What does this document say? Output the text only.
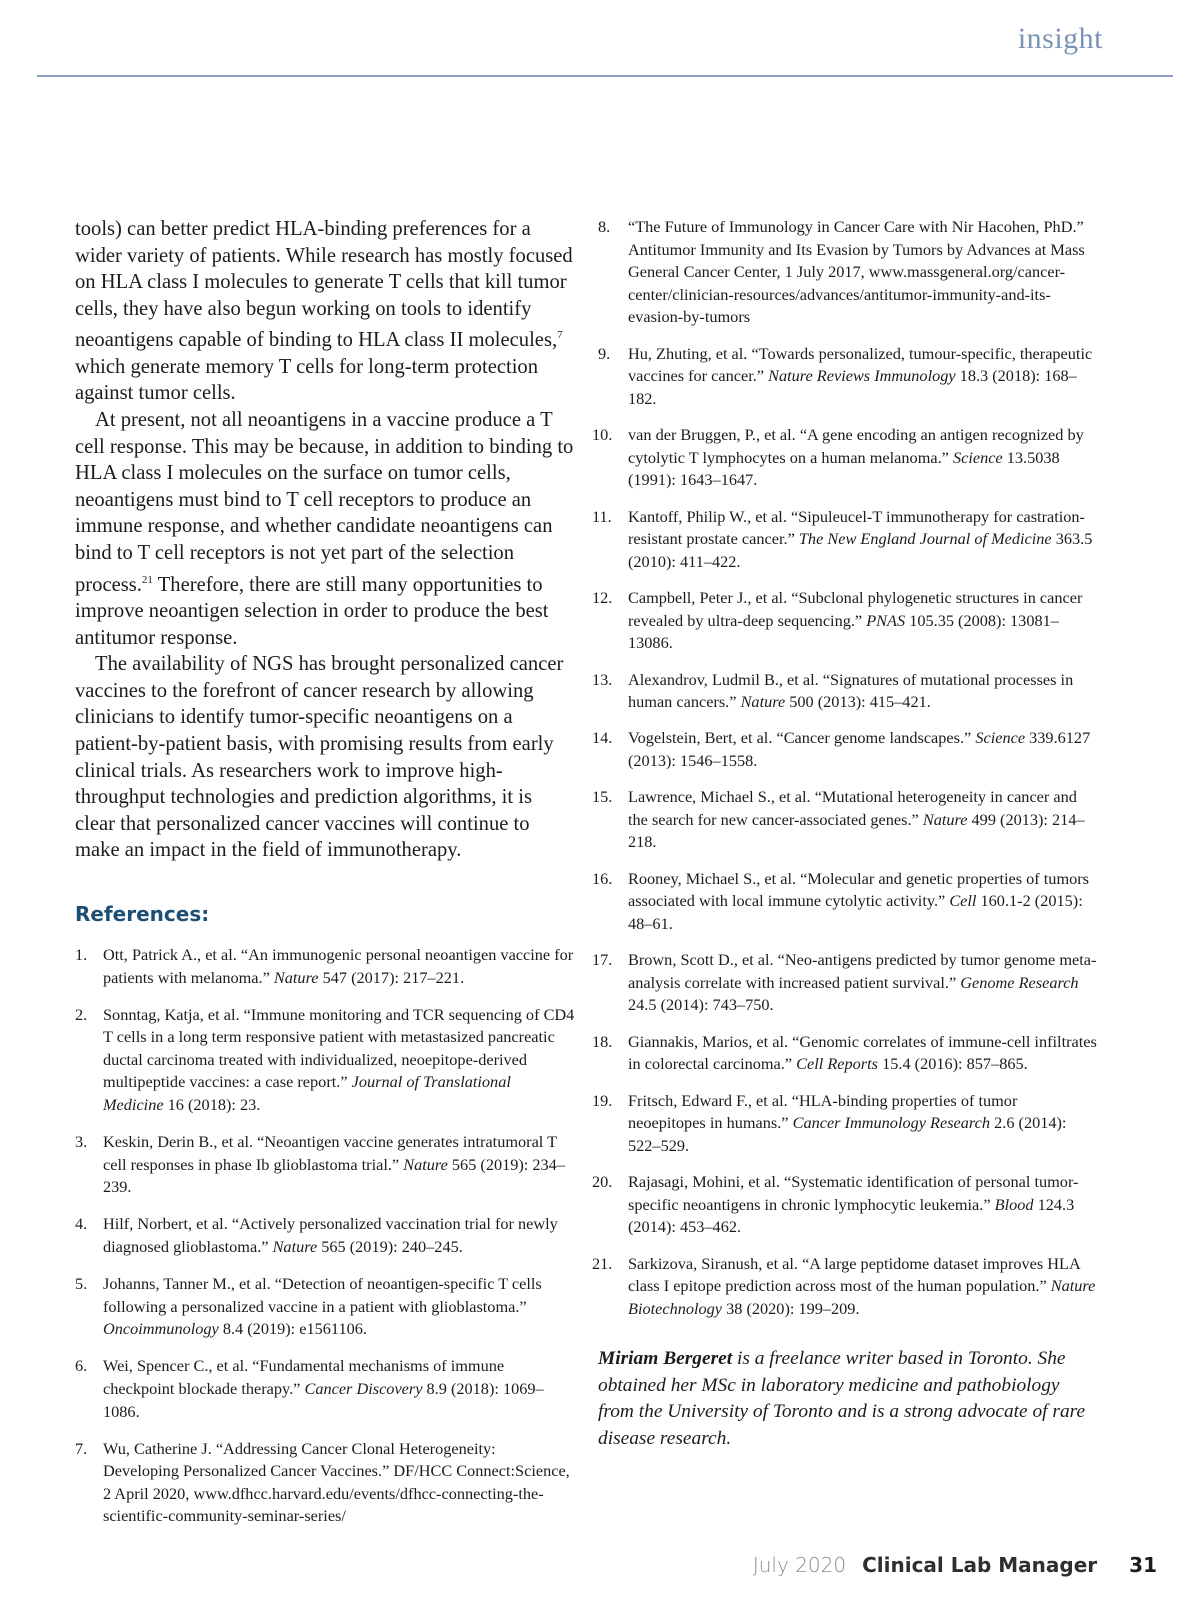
insight

tools) can better predict HLA-binding preferences for a wider variety of patients. While research has mostly focused on HLA class I molecules to generate T cells that kill tumor cells, they have also begun working on tools to identify neoantigens capable of binding to HLA class II molecules,$^7$ which generate memory T cells for long-term protection against tumor cells.

At present, not all neoantigens in a vaccine produce a T cell response. This may be because, in addition to binding to HLA class I molecules on the surface on tumor cells, neoantigens must bind to T cell receptors to produce an immune response, and whether candidate neoantigens can bind to T cell receptors is not yet part of the selection process.$^{21}$ Therefore, there are still many opportunities to improve neoantigen selection in order to produce the best antitumor response.

The availability of NGS has brought personalized cancer vaccines to the forefront of cancer research by allowing clinicians to identify tumor-specific neoantigens on a patient-by-patient basis, with promising results from early clinical trials. As researchers work to improve high-throughput technologies and prediction algorithms, it is clear that personalized cancer vaccines will continue to make an impact in the field of immunotherapy.

References:
1. Ott, Patrick A., et al. “An immunogenic personal neoantigen vaccine for patients with melanoma.” Nature 547 (2017): 217–221.
2. Sonntag, Katja, et al. “Immune monitoring and TCR sequencing of CD4 T cells in a long term responsive patient with metastasized pancreatic ductal carcinoma treated with individualized, neoepitope-derived multipeptide vaccines: a case report.” Journal of Translational Medicine 16 (2018): 23.
3. Keskin, Derin B., et al. “Neoantigen vaccine generates intratumoral T cell responses in phase Ib glioblastoma trial.” Nature 565 (2019): 234–239.
4. Hilf, Norbert, et al. “Actively personalized vaccination trial for newly diagnosed glioblastoma.” Nature 565 (2019): 240–245.
5. Johanns, Tanner M., et al. “Detection of neoantigen-specific T cells following a personalized vaccine in a patient with glioblastoma.” Oncoimmunology 8.4 (2019): e1561106.
6. Wei, Spencer C., et al. “Fundamental mechanisms of immune checkpoint blockade therapy.” Cancer Discovery 8.9 (2018): 1069–1086.
7. Wu, Catherine J. “Addressing Cancer Clonal Heterogeneity: Developing Personalized Cancer Vaccines.” DF/HCC Connect:Science, 2 April 2020, www.dfhcc.harvard.edu/events/dfhcc-connecting-the-scientific-community-seminar-series/
8. “The Future of Immunology in Cancer Care with Nir Hacohen, PhD.” Antitumor Immunity and Its Evasion by Tumors by Advances at Mass General Cancer Center, 1 July 2017, www.massgeneral.org/cancer-center/clinician-resources/advances/antitumor-immunity-and-its-evasion-by-tumors
9. Hu, Zhuting, et al. “Towards personalized, tumour-specific, therapeutic vaccines for cancer.” Nature Reviews Immunology 18.3 (2018): 168–182.
10. van der Bruggen, P., et al. “A gene encoding an antigen recognized by cytolytic T lymphocytes on a human melanoma.” Science 13.5038 (1991): 1643–1647.
11. Kantoff, Philip W., et al. “Sipuleucel-T immunotherapy for castration-resistant prostate cancer.” The New England Journal of Medicine 363.5 (2010): 411–422.
12. Campbell, Peter J., et al. “Subclonal phylogenetic structures in cancer revealed by ultra-deep sequencing.” PNAS 105.35 (2008): 13081–13086.
13. Alexandrov, Ludmil B., et al. “Signatures of mutational processes in human cancers.” Nature 500 (2013): 415–421.
14. Vogelstein, Bert, et al. “Cancer genome landscapes.” Science 339.6127 (2013): 1546–1558.
15. Lawrence, Michael S., et al. “Mutational heterogeneity in cancer and the search for new cancer-associated genes.” Nature 499 (2013): 214–218.
16. Rooney, Michael S., et al. “Molecular and genetic properties of tumors associated with local immune cytolytic activity.” Cell 160.1-2 (2015): 48–61.
17. Brown, Scott D., et al. “Neo-antigens predicted by tumor genome meta-analysis correlate with increased patient survival.” Genome Research 24.5 (2014): 743–750.
18. Giannakis, Marios, et al. “Genomic correlates of immune-cell infiltrates in colorectal carcinoma.” Cell Reports 15.4 (2016): 857–865.
19. Fritsch, Edward F., et al. “HLA-binding properties of tumor neoepitopes in humans.” Cancer Immunology Research 2.6 (2014): 522–529.
20. Rajasagi, Mohini, et al. “Systematic identification of personal tumor-specific neoantigens in chronic lymphocytic leukemia.” Blood 124.3 (2014): 453–462.
21. Sarkizova, Siranush, et al. “A large peptidome dataset improves HLA class I epitope prediction across most of the human population.” Nature Biotechnology 38 (2020): 199–209.
Miriam Bergeret is a freelance writer based in Toronto. She obtained her MSc in laboratory medicine and pathobiology from the University of Toronto and is a strong advocate of rare disease research.
July 2020 Clinical Lab Manager 31
